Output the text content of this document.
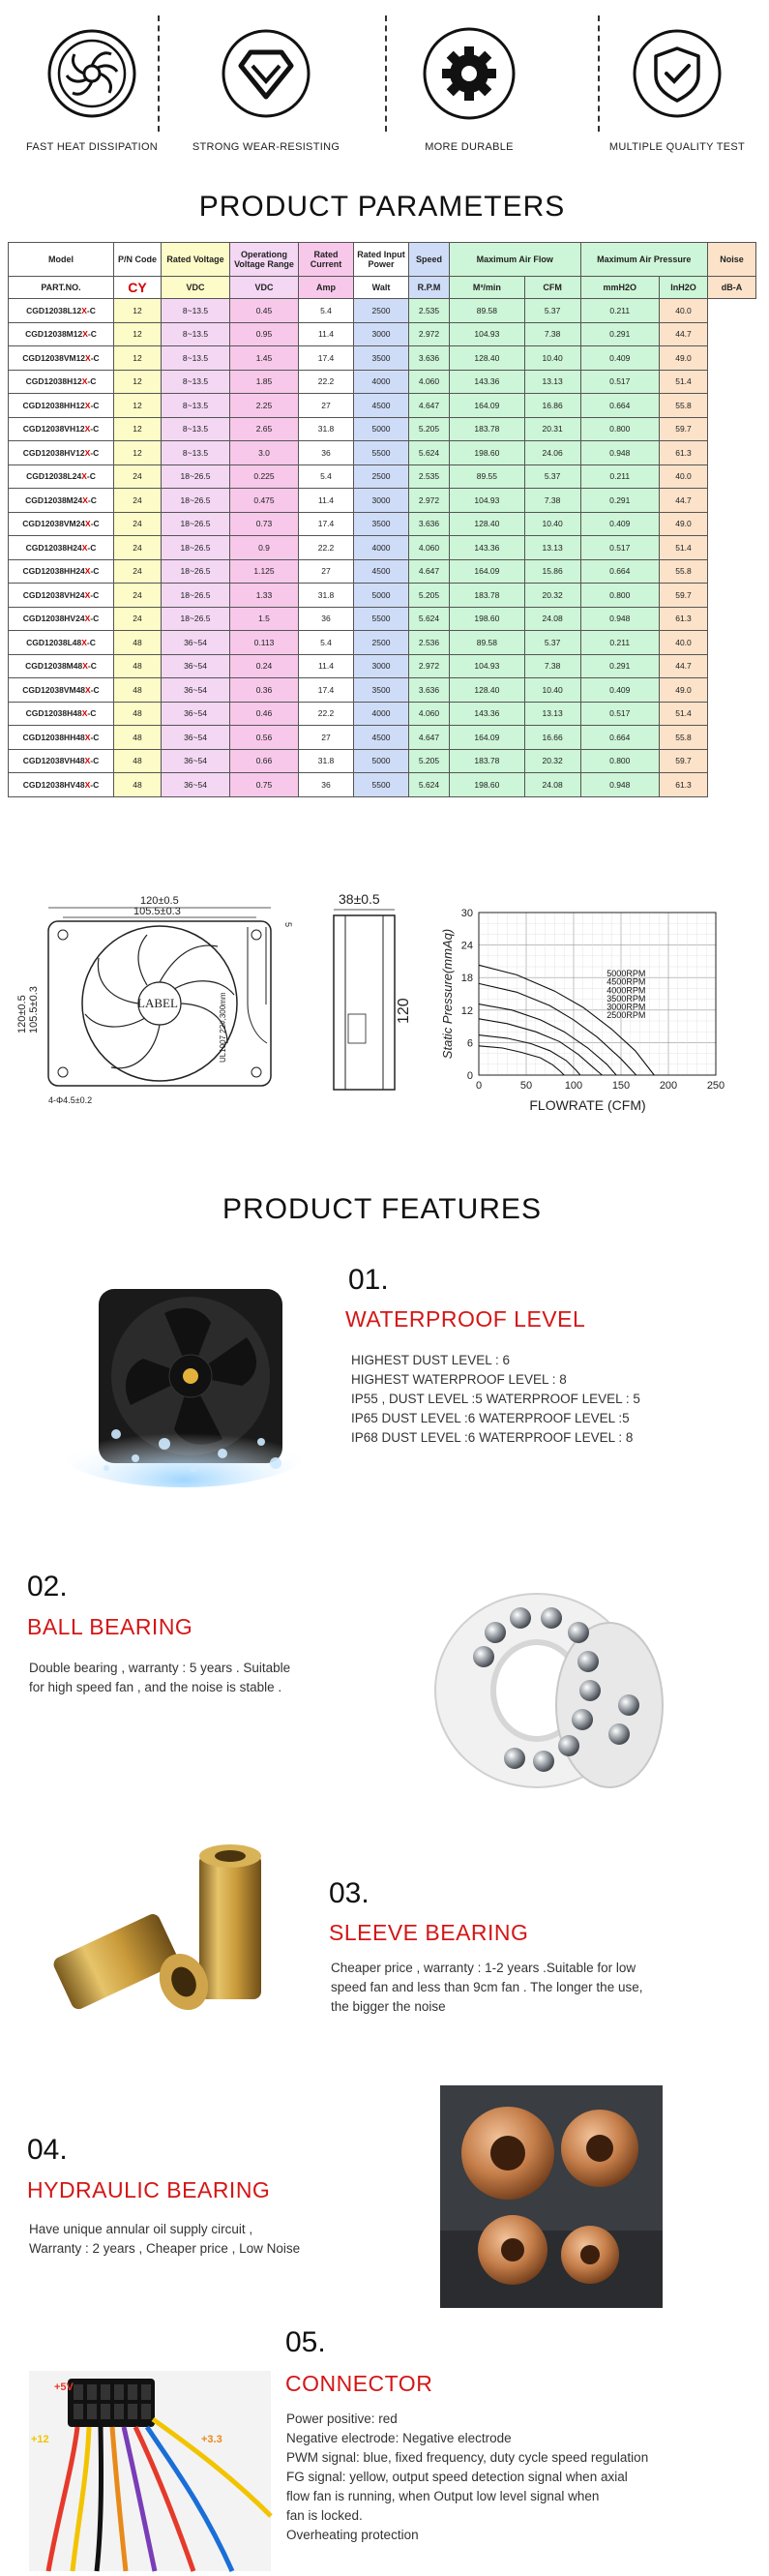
FAST HEAT DISSIPATION	STRONG WEAR-RESISTING	MORE DURABLE	MULTIPLE QUALITY TEST
PRODUCT PARAMETERS
Model	P/N Code	Rated Voltage	Operationg Voltage Range	Rated Current	Rated Input Power	Speed	Maximum Air Flow		Maximum Air Pressure		Noise
PART.NO.	CY	VDC	VDC	Amp	Walt	R.P.M	M³/min	CFM	mmH2O	InH2O	dB-A
CGD12038L12X-C	12	8~13.5	0.45	5.4	2500	2.535	89.58	5.37	0.211	40.0	
CGD12038M12X-C	12	8~13.5	0.95	11.4	3000	2.972	104.93	7.38	0.291	44.7	
CGD12038VM12X-C	12	8~13.5	1.45	17.4	3500	3.636	128.40	10.40	0.409	49.0	
CGD12038H12X-C	12	8~13.5	1.85	22.2	4000	4.060	143.36	13.13	0.517	51.4	
CGD12038HH12X-C	12	8~13.5	2.25	27	4500	4.647	164.09	16.86	0.664	55.8	
CGD12038VH12X-C	12	8~13.5	2.65	31.8	5000	5.205	183.78	20.31	0.800	59.7	
CGD12038HV12X-C	12	8~13.5	3.0	36	5500	5.624	198.60	24.06	0.948	61.3	
CGD12038L24X-C	24	18~26.5	0.225	5.4	2500	2.535	89.55	5.37	0.211	40.0	
CGD12038M24X-C	24	18~26.5	0.475	11.4	3000	2.972	104.93	7.38	0.291	44.7	
CGD12038VM24X-C	24	18~26.5	0.73	17.4	3500	3.636	128.40	10.40	0.409	49.0	
CGD12038H24X-C	24	18~26.5	0.9	22.2	4000	4.060	143.36	13.13	0.517	51.4	
CGD12038HH24X-C	24	18~26.5	1.125	27	4500	4.647	164.09	15.86	0.664	55.8	
CGD12038VH24X-C	24	18~26.5	1.33	31.8	5000	5.205	183.78	20.32	0.800	59.7	
CGD12038HV24X-C	24	18~26.5	1.5	36	5500	5.624	198.60	24.08	0.948	61.3	
CGD12038L48X-C	48	36~54	0.113	5.4	2500	2.536	89.58	5.37	0.211	40.0	
CGD12038M48X-C	48	36~54	0.24	11.4	3000	2.972	104.93	7.38	0.291	44.7	
CGD12038VM48X-C	48	36~54	0.36	17.4	3500	3.636	128.40	10.40	0.409	49.0	
CGD12038H48X-C	48	36~54	0.46	22.2	4000	4.060	143.36	13.13	0.517	51.4	
CGD12038HH48X-C	48	36~54	0.56	27	4500	4.647	164.09	16.66	0.664	55.8	
CGD12038VH48X-C	48	36~54	0.66	31.8	5000	5.205	183.78	20.32	0.800	59.7	
CGD12038HV48X-C	48	36~54	0.75	36	5500	5.624	198.60	24.08	0.948	61.3	
120±0.5
105.5±0.3
LABEL
120±0.5 105.5±0.3
4-Φ4.5±0.2
5
38±0.5
120
UL1007 22#,300mm
0	50	100	150	200	250
0
6
12
18
24
30
FLOWRATE (CFM)
Static Pressure(mmAq)	5000RPM
4500RPM
4000RPM
3500RPM
3000RPM
2500RPM
PRODUCT FEATURES
01.
WATERPROOF LEVEL
HIGHEST DUST LEVEL : 6
HIGHEST WATERPROOF LEVEL : 8
IP55 , DUST LEVEL :5 WATERPROOF LEVEL : 5
IP65 DUST LEVEL :6 WATERPROOF LEVEL :5
IP68 DUST LEVEL :6 WATERPROOF LEVEL : 8
02.
BALL BEARING
Double bearing , warranty : 5 years . Suitable
for high speed fan , and the noise is stable .
03.
SLEEVE BEARING
Cheaper price , warranty : 1-2 years .Suitable for low
speed fan and less than 9cm fan . The longer the use,
the bigger the noise
04.
HYDRAULIC BEARING
Have unique annular oil supply circuit ,
Warranty : 2 years , Cheaper price , Low Noise
+5V
+12	+3.3
05.
CONNECTOR
Power positive: red
Negative electrode: Negative electrode
PWM signal: blue, fixed frequency, duty cycle speed regulation
FG signal: yellow, output speed detection signal when axial
flow fan is running, when Output low level signal when
fan is locked.
Overheating protection
